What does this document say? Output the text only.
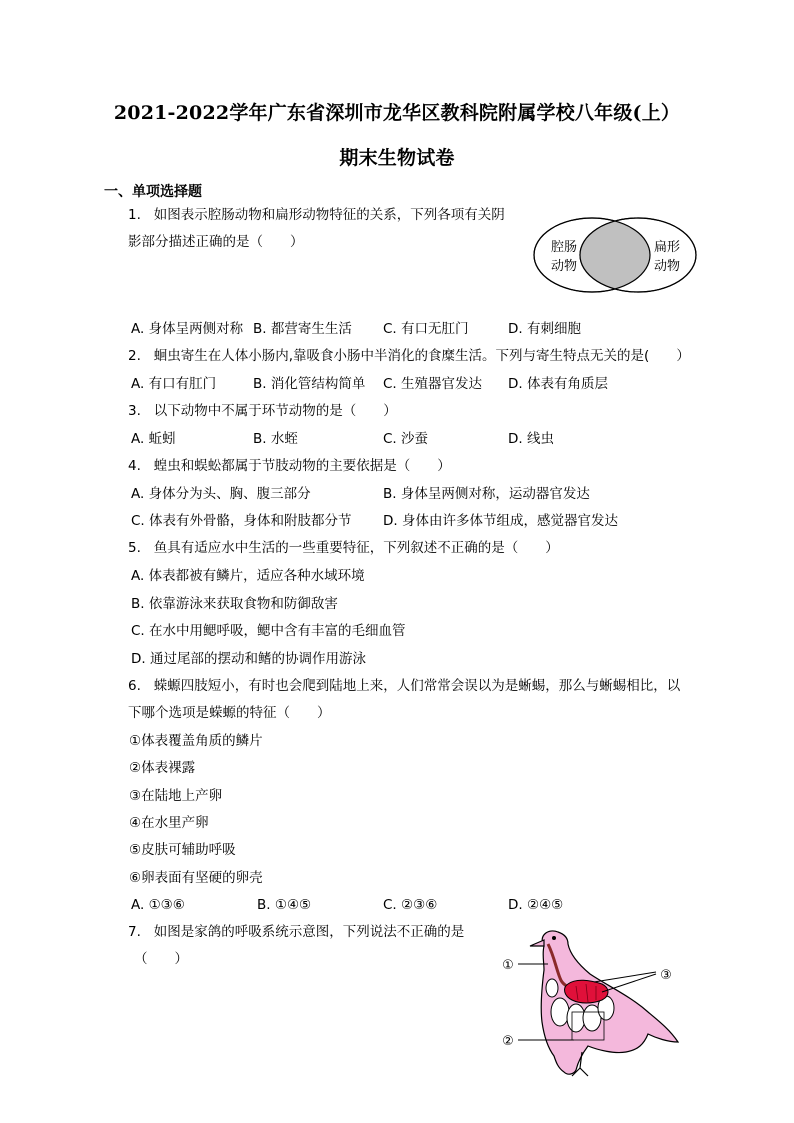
2021-2022学年广东省深圳市龙华区教科院附属学校八年级(上）
期末生物试卷
一、单项选择题
1. 如图表示腔肠动物和扁形动物特征的关系，下列各项有关阴
影部分描述正确的是（　　）	腔肠
动物
扁形
动物
A. 身体呈两侧对称 B. 都营寄生生活 C. 有口无肛门	D. 有刺细胞
2. 蛔虫寄生在人体小肠内,靠吸食小肠中半消化的食糜生活。下列与寄生特点无关的是(　　）
A. 有口有肛门	B. 消化管结构简单 C. 生殖器官发达 D. 体表有角质层
3. 以下动物中不属于环节动物的是（　　）
A. 蚯蚓	B. 水蛭	C. 沙蚕	D. 线虫
4. 蝗虫和蜈蚣都属于节肢动物的主要依据是（　　）
A. 身体分为头、胸、腹三部分	B. 身体呈两侧对称，运动器官发达
C. 体表有外骨骼，身体和附肢都分节 D. 身体由许多体节组成，感觉器官发达
5. 鱼具有适应水中生活的一些重要特征，下列叙述不正确的是（　　）
A. 体表都被有鳞片，适应各种水域环境
B. 依靠游泳来获取食物和防御敌害
C. 在水中用鳃呼吸，鳃中含有丰富的毛细血管
D. 通过尾部的摆动和鳍的协调作用游泳
6. 蝾螈四肢短小，有时也会爬到陆地上来，人们常常会误以为是蜥蜴，那么与蜥蜴相比，以
下哪个选项是蝾螈的特征（　　）
①体表覆盖角质的鳞片
②体表裸露
③在陆地上产卵
④在水里产卵
⑤皮肤可辅助呼吸
⑥卵表面有坚硬的卵壳
A. ①③⑥	B. ①④⑤	C. ②③⑥	D. ②④⑤
7. 如图是家鸽的呼吸系统示意图，下列说法不正确的是
（　　）	①
②
③
